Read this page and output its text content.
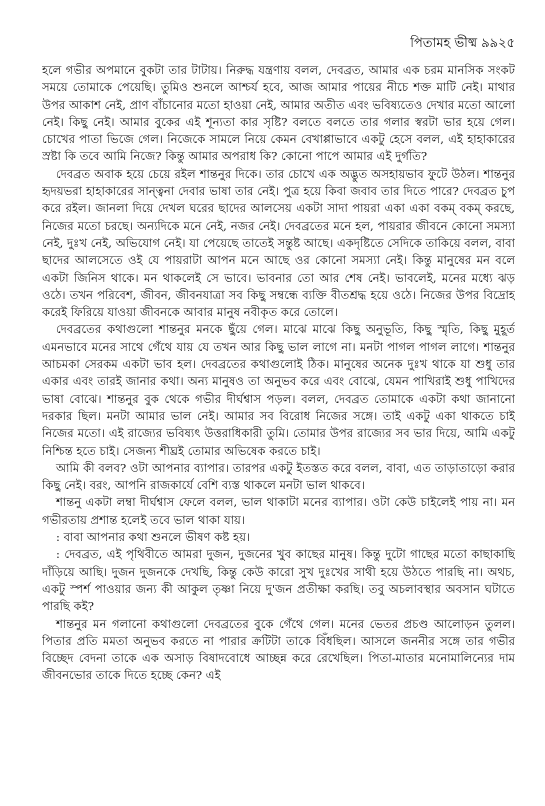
পিতামহ ভীষ্ম ৯৯২৫

হলে গভীর অপমানে বুকটা তার টাটায়। নিরুদ্ধ যন্ত্রণায় বলল, দেবব্রত, আমার এক চরম মানসিক সংকট সময়ে তোমাকে পেয়েছি। তুমিও শুনলে আশ্চর্য হবে, আজ আমার পায়ের নীচে শক্ত মাটি নেই। মাথার উপর আকাশ নেই, প্রাণ বাঁচানোর মতো হাওয়া নেই, আমার অতীত এবং ভবিষ্যতেও দেখার মতো আলো নেই। কিছু নেই। আমার বুকের এই শূন্যতা কার সৃষ্টি? বলতে বলতে তার গলার স্বরটা ভার হয়ে গেল। চোখের পাতা ভিজে গেল। নিজেকে সামলে নিয়ে কেমন বেখাপ্পাভাবে একটু হেসে বলল, এই হাহাকারের স্রষ্টা কি তবে আমি নিজে? কিন্তু আমার অপরাধ কি? কোনো পাপে আমার এই দুর্গতি?

দেবব্রত অবাক হয়ে চেয়ে রইল শান্তনুর দিকে। তার চোখে এক অদ্ভুত অসহায়ভাব ফুটে উঠল। শান্তনুর হৃদয়ভরা হাহাকারের সান্ত্বনা দেবার ভাষা তার নেই। পুত্র হয়ে কিবা জবাব তার দিতে পারে? দেবব্রত চুপ করে রইল। জানলা দিয়ে দেখল ঘরের ছাদের আলসেয় একটা সাদা পায়রা একা একা বকম্ বকম্ করছে, নিজের মতো চরছে। অন্যদিকে মনে নেই, নজর নেই। দেবব্রতের মনে হল, পায়রার জীবনে কোনো সমস্যা নেই, দুঃখ নেই, অভিযোগ নেই। যা পেয়েছে তাতেই সন্তুষ্ট আছে। একদৃষ্টিতে সেদিকে তাকিয়ে বলল, বাবা ছাদের আলসেতে ওই যে পায়রাটা আপন মনে আছে ওর কোনো সমস্যা নেই। কিন্তু মানুষের মন বলে একটা জিনিস থাকে। মন থাকলেই সে ভাবে। ভাবনার তো আর শেষ নেই। ভাবলেই, মনের মধ্যে ঝড় ওঠে। তখন পরিবেশ, জীবন, জীবনযাত্রা সব কিছু সম্বন্ধে ব্যক্তি বীতশ্রদ্ধ হয়ে ওঠে। নিজের উপর বিদ্রোহ করেই ফিরিয়ে যাওয়া জীবনকে আবার মানুষ নবীকৃত করে তোলে।

দেবব্রতের কথাগুলো শান্তনুর মনকে ছুঁয়ে গেল। মাঝে মাঝে কিছু অনুভূতি, কিছু স্মৃতি, কিছু মুহূর্ত এমনভাবে মনের সাথে গেঁথে যায় যে তখন আর কিছু ভাল লাগে না। মনটা পাগল পাগল লাগে। শান্তনুর আচমকা সেরকম একটা ভাব হল। দেবব্রতের কথাগুলোই ঠিক। মানুষের অনেক দুঃখ থাকে যা শুধু তার একার এবং তারই জানার কথা। অন্য মানুষও তা অনুভব করে এবং বোঝে, যেমন পাখিরাই শুধু পাখিদের ভাষা বোঝে। শান্তনুর বুক থেকে গভীর দীর্ঘশ্বাস পড়ল। বলল, দেবব্রত তোমাকে একটা কথা জানানো দরকার ছিল। মনটা আমার ভাল নেই। আমার সব বিরোধ নিজের সঙ্গে। তাই একটু একা থাকতে চাই নিজের মতো। এই রাজ্যের ভবিষ্যৎ উত্তরাধিকারী তুমি। তোমার উপর রাজ্যের সব ভার দিয়ে, আমি একটু নিশ্চিন্ত হতে চাই। সেজন্য শীঘ্রই তোমার অভিষেক করতে চাই।

আমি কী বলব? ওটা আপনার ব্যাপার। তারপর একটু ইতস্তত করে বলল, বাবা, এত তাড়াতাড়ো করার কিছু নেই। বরং, আপনি রাজকার্যে বেশি ব্যস্ত থাকলে মনটা ভাল থাকবে।

শান্তনু একটা লম্বা দীর্ঘশ্বাস ফেলে বলল, ভাল থাকাটা মনের ব্যাপার। ওটা কেউ চাইলেই পায় না। মন গভীরতায় প্রশান্ত হলেই তবে ভাল থাকা যায়।

: বাবা আপনার কথা শুনলে ভীষণ কষ্ট হয়।

: দেবব্রত, এই পৃথিবীতে আমরা দুজন, দুজনের খুব কাছের মানুষ। কিন্তু দুটো গাছের মতো কাছাকাছি দাঁড়িয়ে আছি। দুজন দুজনকে দেখছি, কিন্তু কেউ কারো সুখ দুঃখের সাথী হয়ে উঠতে পারছি না। অথচ, একটু স্পর্শ পাওয়ার জন্য কী আকুল তৃষ্ণা নিয়ে দু'জন প্রতীক্ষা করছি। তবু অচলাবস্থার অবসান ঘটাতে পারছি কই?

শান্তনুর মন গলানো কথাগুলো দেবব্রতের বুকে গেঁথে গেল। মনের ভেতর প্রচণ্ড আলোড়ন তুলল। পিতার প্রতি মমতা অনুভব করতে না পারার ক্রটিটা তাকে বিঁধছিল। আসলে জননীর সঙ্গে তার গভীর বিচ্ছেদ বেদনা তাকে এক অসাড় বিষাদবোধে আচ্ছন্ন করে রেখেছিল। পিতা-মাতার মনোমালিন্যের দাম জীবনভোর তাকে দিতে হচ্ছে কেন? এই
